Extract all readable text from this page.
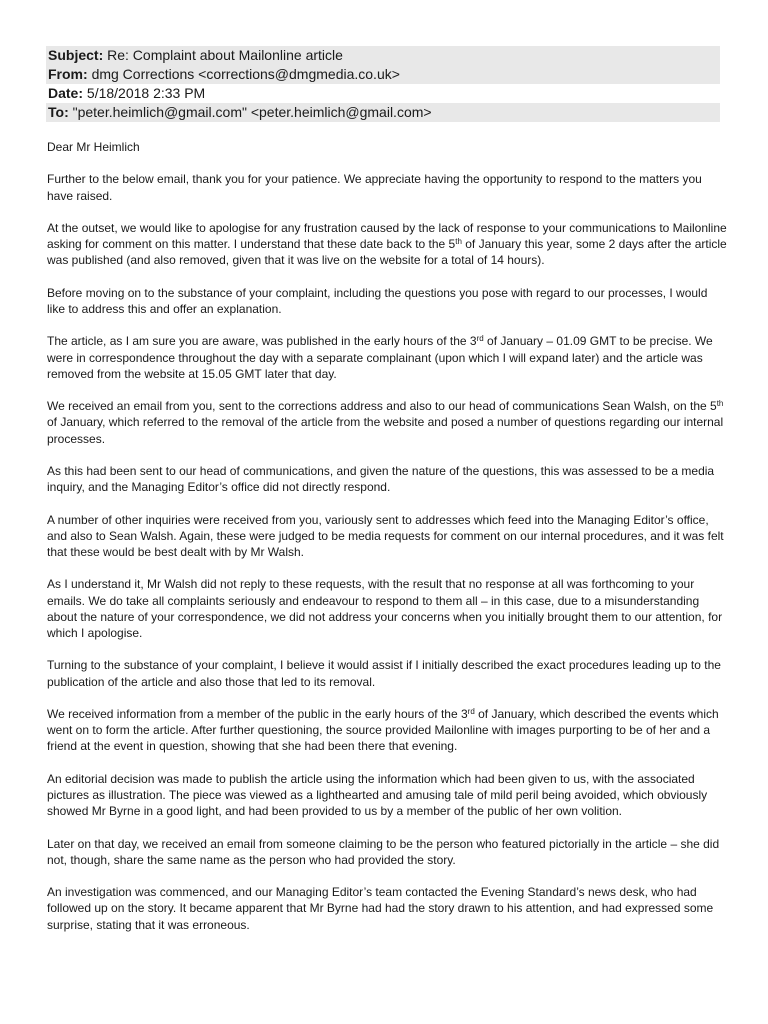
Subject: Re: Complaint about Mailonline article
From: dmg Corrections <corrections@dmgmedia.co.uk>
Date: 5/18/2018 2:33 PM
To: "peter.heimlich@gmail.com" <peter.heimlich@gmail.com>

Dear Mr Heimlich

Further to the below email, thank you for your patience. We appreciate having the opportunity to respond to the matters you have raised.

At the outset, we would like to apologise for any frustration caused by the lack of response to your communications to Mailonline asking for comment on this matter. I understand that these date back to the 5th of January this year, some 2 days after the article was published (and also removed, given that it was live on the website for a total of 14 hours).

Before moving on to the substance of your complaint, including the questions you pose with regard to our processes, I would like to address this and offer an explanation.

The article, as I am sure you are aware, was published in the early hours of the 3rd of January – 01.09 GMT to be precise. We were in correspondence throughout the day with a separate complainant (upon which I will expand later) and the article was removed from the website at 15.05 GMT later that day.

We received an email from you, sent to the corrections address and also to our head of communications Sean Walsh, on the 5th of January, which referred to the removal of the article from the website and posed a number of questions regarding our internal processes.

As this had been sent to our head of communications, and given the nature of the questions, this was assessed to be a media inquiry, and the Managing Editor’s office did not directly respond.

A number of other inquiries were received from you, variously sent to addresses which feed into the Managing Editor’s office, and also to Sean Walsh. Again, these were judged to be media requests for comment on our internal procedures, and it was felt that these would be best dealt with by Mr Walsh.

As I understand it, Mr Walsh did not reply to these requests, with the result that no response at all was forthcoming to your emails. We do take all complaints seriously and endeavour to respond to them all – in this case, due to a misunderstanding about the nature of your correspondence, we did not address your concerns when you initially brought them to our attention, for which I apologise.

Turning to the substance of your complaint, I believe it would assist if I initially described the exact procedures leading up to the publication of the article and also those that led to its removal.

We received information from a member of the public in the early hours of the 3rd of January, which described the events which went on to form the article. After further questioning, the source provided Mailonline with images purporting to be of her and a friend at the event in question, showing that she had been there that evening.

An editorial decision was made to publish the article using the information which had been given to us, with the associated pictures as illustration. The piece was viewed as a lighthearted and amusing tale of mild peril being avoided, which obviously showed Mr Byrne in a good light, and had been provided to us by a member of the public of her own volition.

Later on that day, we received an email from someone claiming to be the person who featured pictorially in the article – she did not, though, share the same name as the person who had provided the story.

An investigation was commenced, and our Managing Editor’s team contacted the Evening Standard’s news desk, who had followed up on the story. It became apparent that Mr Byrne had had the story drawn to his attention, and had expressed some surprise, stating that it was erroneous.
